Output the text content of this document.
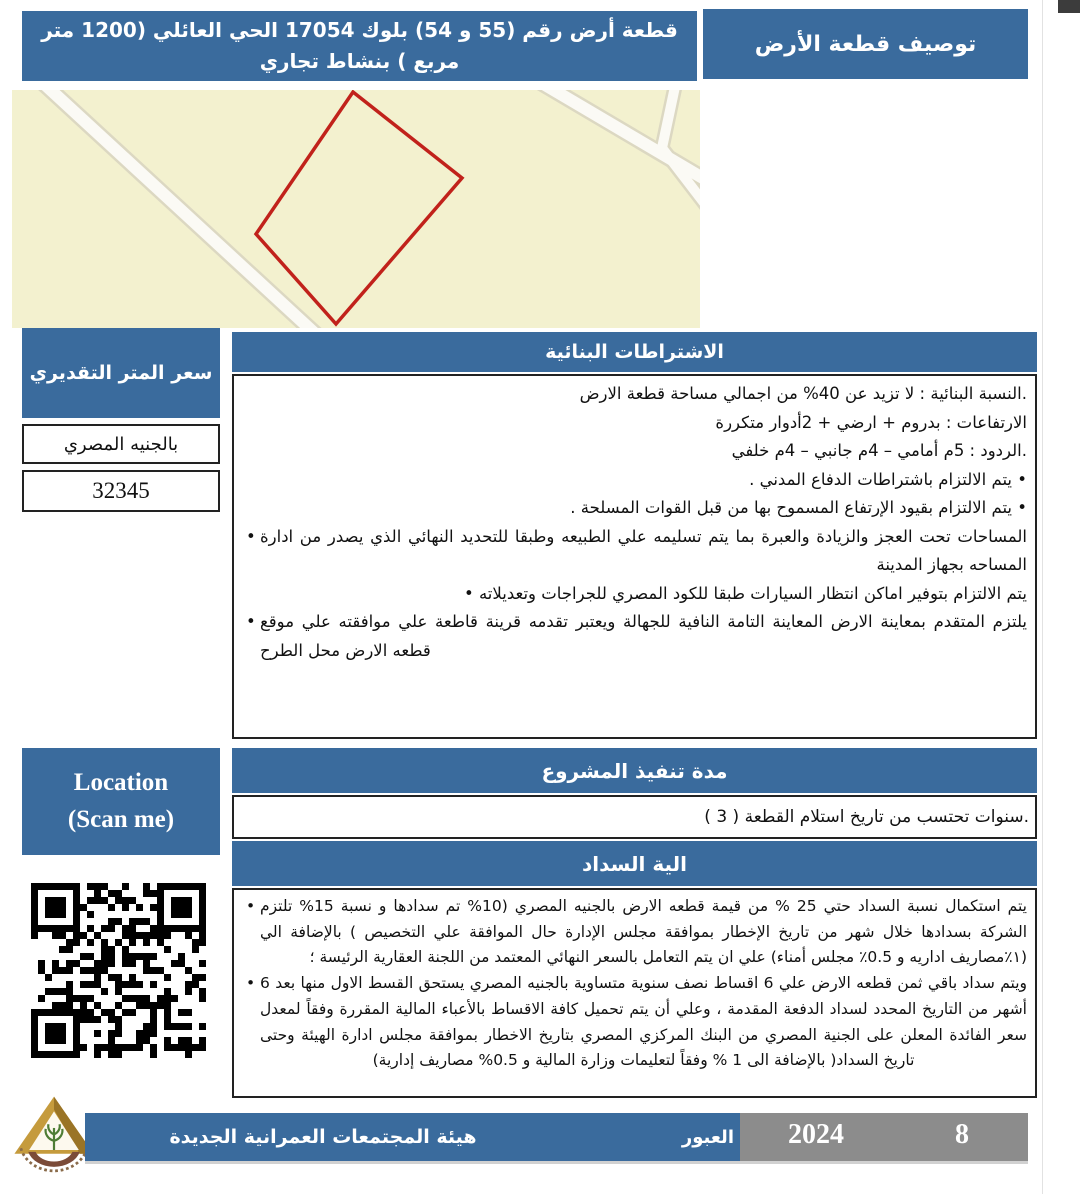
قطعة أرض رقم (55 و 54) بلوك 17054 الحي العائلي (1200 متر مربع ) بنشاط تجاري
توصيف قطعة الأرض
سعر المتر التقديري
بالجنيه المصري
32345
الاشتراطات البنائية
.النسبة البنائية : لا تزيد عن 40% من اجمالي مساحة قطعة الارض
الارتفاعات : بدروم + ارضي + 2أدوار متكررة
.الردود : 5م أمامي – 4م جانبي – 4م خلفي
• يتم الالتزام باشتراطات الدفاع المدني .
• يتم الالتزام بقيود الإرتفاع المسموح بها من قبل القوات المسلحة .
• المساحات تحت العجز والزيادة والعبرة بما يتم تسليمه علي الطبيعه وطبقا للتحديد النهائي الذي يصدر من ادارة المساحه بجهاز المدينة
يتم الالتزام بتوفير اماكن انتظار السيارات طبقا للكود المصري للجراجات وتعديلاته •
• يلتزم المتقدم بمعاينة الارض المعاينة التامة النافية للجهالة ويعتبر تقدمه قرينة قاطعة علي موافقته علي موقع قطعه الارض محل الطرح
Location
(Scan me)
مدة تنفيذ المشروع
.سنوات تحتسب من تاريخ استلام القطعة ( 3 )
الية السداد
• يتم استكمال نسبة السداد حتي 25 % من قيمة قطعه الارض بالجنيه المصري (10% تم سدادها و نسبة 15% تلتزم الشركة بسدادها خلال شهر من تاريخ الإخطار بموافقة مجلس الإدارة حال الموافقة علي التخصيص ) بالإضافة الي (١٪مصاريف اداريه و 0.5٪ مجلس أمناء) علي ان يتم التعامل بالسعر النهائي المعتمد من اللجنة العقارية الرئيسة ؛
• ويتم سداد باقي ثمن قطعه الارض علي 6 اقساط نصف سنوية متساوية بالجنيه المصري يستحق القسط الاول منها بعد 6 أشهر من التاريخ المحدد لسداد الدفعة المقدمة ، وعلي أن يتم تحميل كافة الاقساط بالأعباء المالية المقررة وفقاً لمعدل سعر الفائدة المعلن على الجنية المصري من البنك المركزي المصري بتاريخ الاخطار بموافقة مجلس ادارة الهيئة وحتى تاريخ السداد( بالإضافة الى 1 % وفقاً لتعليمات وزارة المالية و 0.5% مصاريف إدارية)
هيئة المجتمعات العمرانية الجديدة	العبور 2024	8
